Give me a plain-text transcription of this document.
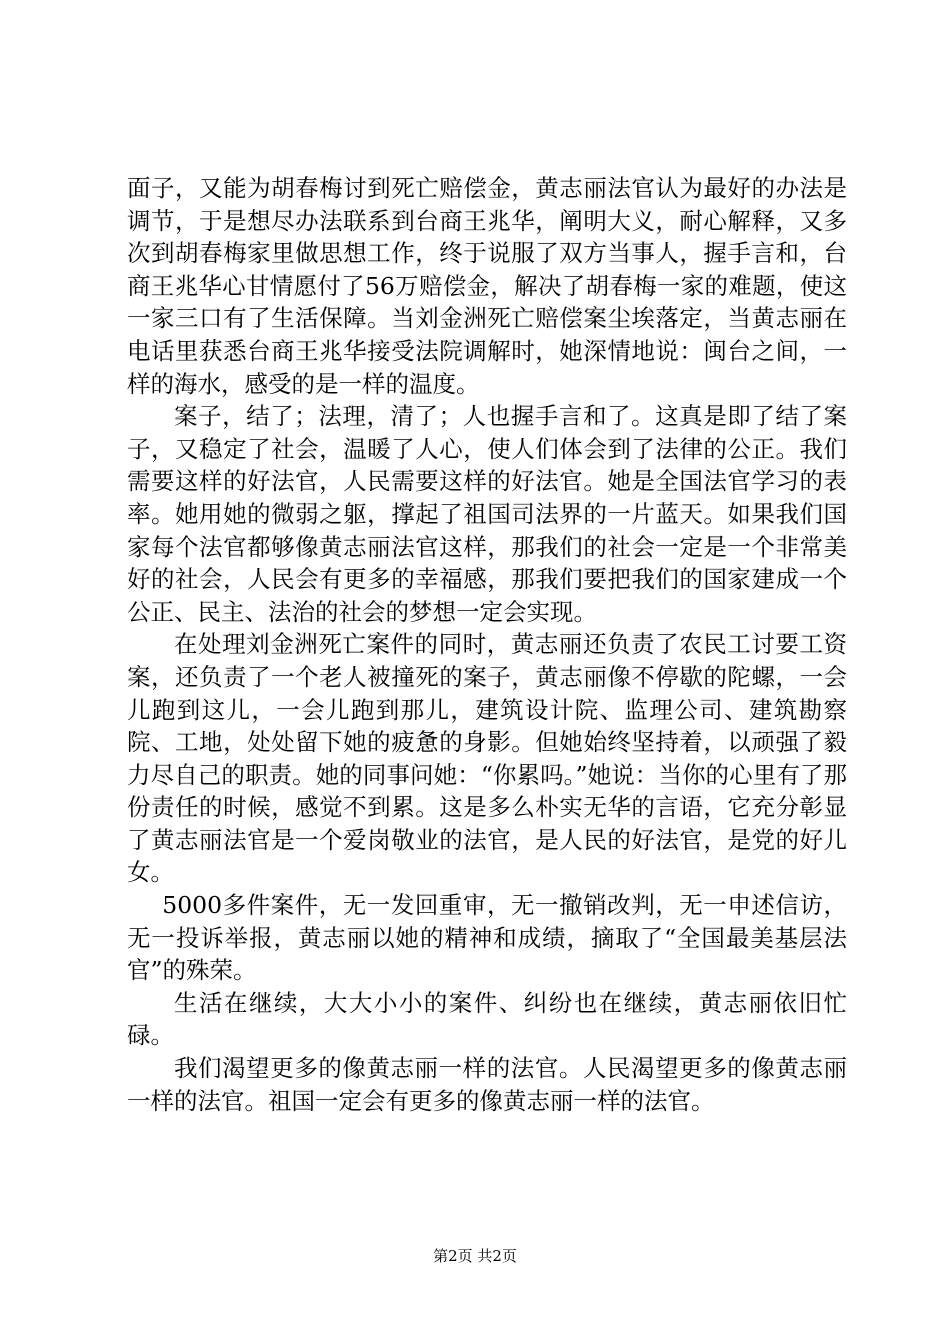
面子，又能为胡春梅讨到死亡赔偿金，黄志丽法官认为最好的办法是调节，于是想尽办法联系到台商王兆华，阐明大义，耐心解释，又多次到胡春梅家里做思想工作，终于说服了双方当事人，握手言和，台商王兆华心甘情愿付了56万赔偿金，解决了胡春梅一家的难题，使这一家三口有了生活保障。当刘金洲死亡赔偿案尘埃落定，当黄志丽在电话里获悉台商王兆华接受法院调解时，她深情地说：闽台之间，一样的海水，感受的是一样的温度。

案子，结了；法理，清了；人也握手言和了。这真是即了结了案子，又稳定了社会，温暖了人心，使人们体会到了法律的公正。我们需要这样的好法官，人民需要这样的好法官。她是全国法官学习的表率。她用她的微弱之躯，撑起了祖国司法界的一片蓝天。如果我们国家每个法官都够像黄志丽法官这样，那我们的社会一定是一个非常美好的社会，人民会有更多的幸福感，那我们要把我们的国家建成一个公正、民主、法治的社会的梦想一定会实现。

在处理刘金洲死亡案件的同时，黄志丽还负责了农民工讨要工资案，还负责了一个老人被撞死的案子，黄志丽像不停歇的陀螺，一会儿跑到这儿，一会儿跑到那儿，建筑设计院、监理公司、建筑勘察院、工地，处处留下她的疲惫的身影。但她始终坚持着，以顽强了毅力尽自己的职责。她的同事问她：“你累吗。”她说：当你的心里有了那份责任的时候，感觉不到累。这是多么朴实无华的言语，它充分彰显了黄志丽法官是一个爱岗敬业的法官，是人民的好法官，是党的好儿女。

5000多件案件，无一发回重审，无一撤销改判，无一申述信访，无一投诉举报，黄志丽以她的精神和成绩，摘取了“全国最美基层法官”的殊荣。

生活在继续，大大小小的案件、纠纷也在继续，黄志丽依旧忙碌。

我们渴望更多的像黄志丽一样的法官。人民渴望更多的像黄志丽一样的法官。祖国一定会有更多的像黄志丽一样的法官。

第2页 共2页
